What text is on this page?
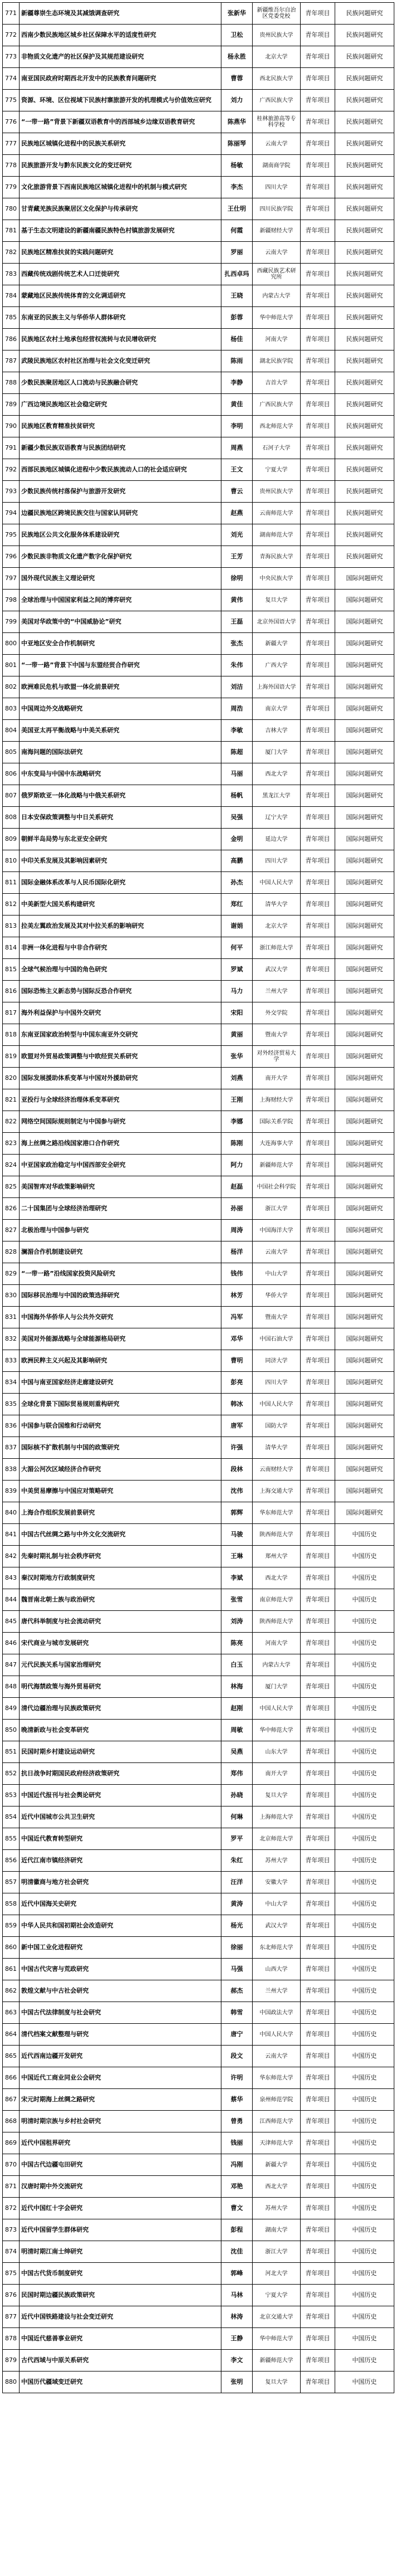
771	新疆尊崇生态环境及其减饿调查研究	张新华	新疆维吾尔自治区党委党校	青年项目	民族问题研究
772	西南少数民族地区城乡社区保障水平的适度性研究	卫松	贵州民族大学	青年项目	民族问题研究
773	非物质文化遗产的社区保护及其规范建设研究	杨永胜	北京大学	青年项目	民族问题研究
774	南亚国民政府时期西北开发中的民族教育问题研究	曹蓉	西北民族大学	青年项目	民族问题研究
775	资源、环境、区位视域下民族村寨旅游开发的机理模式与价值效应研究	刘力	广西民族大学	青年项目	民族问题研究
776	“一带一路”背景下新疆双语教育中的西部城乡边缘双语教育研究	陈燕华	桂林旅游高等专科学校	青年项目	民族问题研究
777	民族地区城镇化进程中的民族关系研究	陈丽琴	云南大学	青年项目	民族问题研究
778	民族旅游开发与黔东民族文化的变迁研究	杨敏	湖南商学院	青年项目	民族问题研究
779	文化旅游背景下西南民族地区城镇化进程中的机制与模式研究	李杰	四川大学	青年项目	民族问题研究
780	甘青藏羌族民族聚居区文化保护与传承研究	王仕明	四川民族学院	青年项目	民族问题研究
781	基于生态文明建设的新疆南疆民族特色村镇旅游发展研究	何霞	新疆财经大学	青年项目	民族问题研究
782	民族地区精准扶贫的实践问题研究	罗丽	云南大学	青年项目	民族问题研究
783	西藏传统戏剧传统艺术人口迁徙研究	扎西卓玛	西藏民族艺术研究所	青年项目	民族问题研究
784	蒙藏地区民族传统体育的文化调适研究	王晓	内蒙古大学	青年项目	民族问题研究
785	东南亚的民族主义与华侨华人群体研究	彭蓉	华中师范大学	青年项目	民族问题研究
786	民族地区农村土地承包经营权流转与农民增收研究	杨佳	河南大学	青年项目	民族问题研究
787	武陵民族地区农村社区治理与社会文化变迁研究	陈雨	湖北民族学院	青年项目	民族问题研究
788	少数民族聚居地区人口流动与民族融合研究	李静	吉首大学	青年项目	民族问题研究
789	广西边境民族地区社会稳定研究	黄佳	广西民族大学	青年项目	民族问题研究
790	民族地区教育精准扶贫研究	李明	西北师范大学	青年项目	民族问题研究
791	新疆少数民族双语教育与民族团结研究	周燕	石河子大学	青年项目	民族问题研究
792	西部民族地区城镇化进程中少数民族流动人口的社会适应研究	王文	宁夏大学	青年项目	民族问题研究
793	少数民族传统村落保护与旅游开发研究	曹云	贵州民族大学	青年项目	民族问题研究
794	边疆民族地区跨境民族交往与国家认同研究	赵燕	云南师范大学	青年项目	民族问题研究
795	民族地区公共文化服务体系建设研究	刘光	湖南师范大学	青年项目	民族问题研究
796	少数民族非物质文化遗产数字化保护研究	王芳	青海民族大学	青年项目	民族问题研究
797	国外现代民族主义理论研究	徐明	中央民族大学	青年项目	国际问题研究
798	全球治理与中国国家利益之间的博弈研究	黄伟	复旦大学	青年项目	国际问题研究
799	美国对华政策中的“中国威胁论”研究	王磊	北京外国语大学	青年项目	国际问题研究
800	中亚地区安全合作机制研究	张杰	新疆大学	青年项目	国际问题研究
801	“一带一路”背景下中国与东盟经贸合作研究	朱伟	广西大学	青年项目	国际问题研究
802	欧洲难民危机与欧盟一体化前景研究	刘洁	上海外国语大学	青年项目	国际问题研究
803	中国周边外交战略研究	周浩	南京大学	青年项目	国际问题研究
804	美国亚太再平衡战略与中美关系研究	李敏	吉林大学	青年项目	国际问题研究
805	南海问题的国际法研究	陈超	厦门大学	青年项目	国际问题研究
806	中东变局与中国中东战略研究	马丽	西北大学	青年项目	国际问题研究
807	俄罗斯欧亚一体化战略与中俄关系研究	杨帆	黑龙江大学	青年项目	国际问题研究
808	日本安保政策调整与中日关系研究	吴强	辽宁大学	青年项目	国际问题研究
809	朝鲜半岛局势与东北亚安全研究	金明	延边大学	青年项目	国际问题研究
810	中印关系发展及其影响因素研究	高鹏	四川大学	青年项目	国际问题研究
811	国际金融体系改革与人民币国际化研究	孙杰	中国人民大学	青年项目	国际问题研究
812	中美新型大国关系构建研究	郑红	清华大学	青年项目	国际问题研究
813	拉美左翼政治发展及其对中拉关系的影响研究	谢娟	北京大学	青年项目	国际问题研究
814	非洲一体化进程与中非合作研究	何平	浙江师范大学	青年项目	国际问题研究
815	全球气候治理与中国的角色研究	罗斌	武汉大学	青年项目	国际问题研究
816	国际恐怖主义新态势与国际反恐合作研究	马力	兰州大学	青年项目	国际问题研究
817	海外利益保护与中国外交研究	宋阳	外交学院	青年项目	国际问题研究
818	东南亚国家政治转型与中国东南亚外交研究	黄丽	暨南大学	青年项目	国际问题研究
819	欧盟对外贸易政策调整与中欧经贸关系研究	张华	对外经济贸易大学	青年项目	国际问题研究
820	国际发展援助体系变革与中国对外援助研究	刘燕	南开大学	青年项目	国际问题研究
821	亚投行与全球经济治理体系变革研究	王刚	上海财经大学	青年项目	国际问题研究
822	网络空间国际规则制定与中国参与研究	李娜	国际关系学院	青年项目	国际问题研究
823	海上丝绸之路沿线国家港口合作研究	陈刚	大连海事大学	青年项目	国际问题研究
824	中亚国家政治稳定与中国西部安全研究	阿力	新疆师范大学	青年项目	国际问题研究
825	美国智库对华政策影响研究	赵磊	中国社会科学院	青年项目	国际问题研究
826	二十国集团与全球经济治理研究	孙丽	浙江大学	青年项目	国际问题研究
827	北极治理与中国参与研究	周涛	中国海洋大学	青年项目	国际问题研究
828	澜湄合作机制建设研究	杨洋	云南大学	青年项目	国际问题研究
829	“一带一路”沿线国家投资风险研究	钱伟	中山大学	青年项目	国际问题研究
830	国际移民治理与中国的政策选择研究	林芳	华侨大学	青年项目	国际问题研究
831	中国海外华侨华人与公共外交研究	冯军	暨南大学	青年项目	国际问题研究
832	美国对外能源战略与全球能源格局研究	邓华	中国石油大学	青年项目	国际问题研究
833	欧洲民粹主义兴起及其影响研究	曹明	同济大学	青年项目	国际问题研究
834	中国与南亚国家经济走廊建设研究	彭亮	四川大学	青年项目	国际问题研究
835	全球化背景下国际贸易规则重构研究	韩冰	中国人民大学	青年项目	国际问题研究
836	中国参与联合国维和行动研究	唐军	国防大学	青年项目	国际问题研究
837	国际核不扩散机制与中国的政策研究	许强	清华大学	青年项目	国际问题研究
838	大湄公河次区域经济合作研究	段林	云南财经大学	青年项目	国际问题研究
839	中美贸易摩擦与中国应对策略研究	沈伟	上海交通大学	青年项目	国际问题研究
840	上海合作组织发展前景研究	郭辉	华东师范大学	青年项目	国际问题研究
841	中国古代丝绸之路与中外文化交流研究	马骏	陕西师范大学	青年项目	中国历史
842	先秦时期礼制与社会秩序研究	王琳	郑州大学	青年项目	中国历史
843	秦汉时期地方行政制度研究	李斌	西北大学	青年项目	中国历史
844	魏晋南北朝士族与政治研究	张雪	南京师范大学	青年项目	中国历史
845	唐代科举制度与社会流动研究	刘涛	陕西师范大学	青年项目	中国历史
846	宋代商业与城市发展研究	陈亮	河南大学	青年项目	中国历史
847	元代民族关系与国家治理研究	白玉	内蒙古大学	青年项目	中国历史
848	明代海禁政策与海外贸易研究	林海	厦门大学	青年项目	中国历史
849	清代边疆治理与民族政策研究	赵刚	中国人民大学	青年项目	中国历史
850	晚清新政与社会变革研究	周敏	华中师范大学	青年项目	中国历史
851	民国时期乡村建设运动研究	吴燕	山东大学	青年项目	中国历史
852	抗日战争时期国民政府经济政策研究	郑伟	南开大学	青年项目	中国历史
853	中国近代报刊与社会舆论研究	孙晓	复旦大学	青年项目	中国历史
854	近代中国城市公共卫生研究	何琳	上海师范大学	青年项目	中国历史
855	中国近代教育转型研究	罗平	北京师范大学	青年项目	中国历史
856	近代江南市镇经济研究	朱红	苏州大学	青年项目	中国历史
857	明清徽商与地方社会研究	汪洋	安徽大学	青年项目	中国历史
858	近代中国海关史研究	黄涛	中山大学	青年项目	中国历史
859	中华人民共和国初期社会改造研究	杨光	武汉大学	青年项目	中国历史
860	新中国工业化进程研究	徐丽	东北师范大学	青年项目	中国历史
861	中国古代灾害与荒政研究	马强	山西大学	青年项目	中国历史
862	敦煌文献与中古社会研究	郝杰	兰州大学	青年项目	中国历史
863	中国古代法律制度与社会研究	韩雪	中国政法大学	青年项目	中国历史
864	清代档案文献整理与研究	唐宁	中国人民大学	青年项目	中国历史
865	近代西南边疆开发研究	段文	云南大学	青年项目	中国历史
866	中国近代工商业同业公会研究	许明	华东师范大学	青年项目	中国历史
867	宋元时期海上丝绸之路研究	蔡华	泉州师范学院	青年项目	中国历史
868	明清时期宗族与乡村社会研究	曾勇	江西师范大学	青年项目	中国历史
869	近代中国租界研究	钱丽	天津师范大学	青年项目	中国历史
870	中国古代边疆屯田研究	冯刚	新疆大学	青年项目	中国历史
871	汉唐时期中外交流研究	邓艳	西北大学	青年项目	中国历史
872	近代中国红十字会研究	曹文	苏州大学	青年项目	中国历史
873	近代中国留学生群体研究	彭程	湖南大学	青年项目	中国历史
874	明清时期江南士绅研究	沈佳	浙江大学	青年项目	中国历史
875	中国古代货币制度研究	郭峰	河北大学	青年项目	中国历史
876	民国时期边疆民族政策研究	马林	宁夏大学	青年项目	中国历史
877	近代中国铁路建设与社会变迁研究	林涛	北京交通大学	青年项目	中国历史
878	中国近代慈善事业研究	王静	华中师范大学	青年项目	中国历史
879	古代西域与中原关系研究	李文	新疆师范大学	青年项目	中国历史
880	中国历代疆域变迁研究	张明	复旦大学	青年项目	中国历史
